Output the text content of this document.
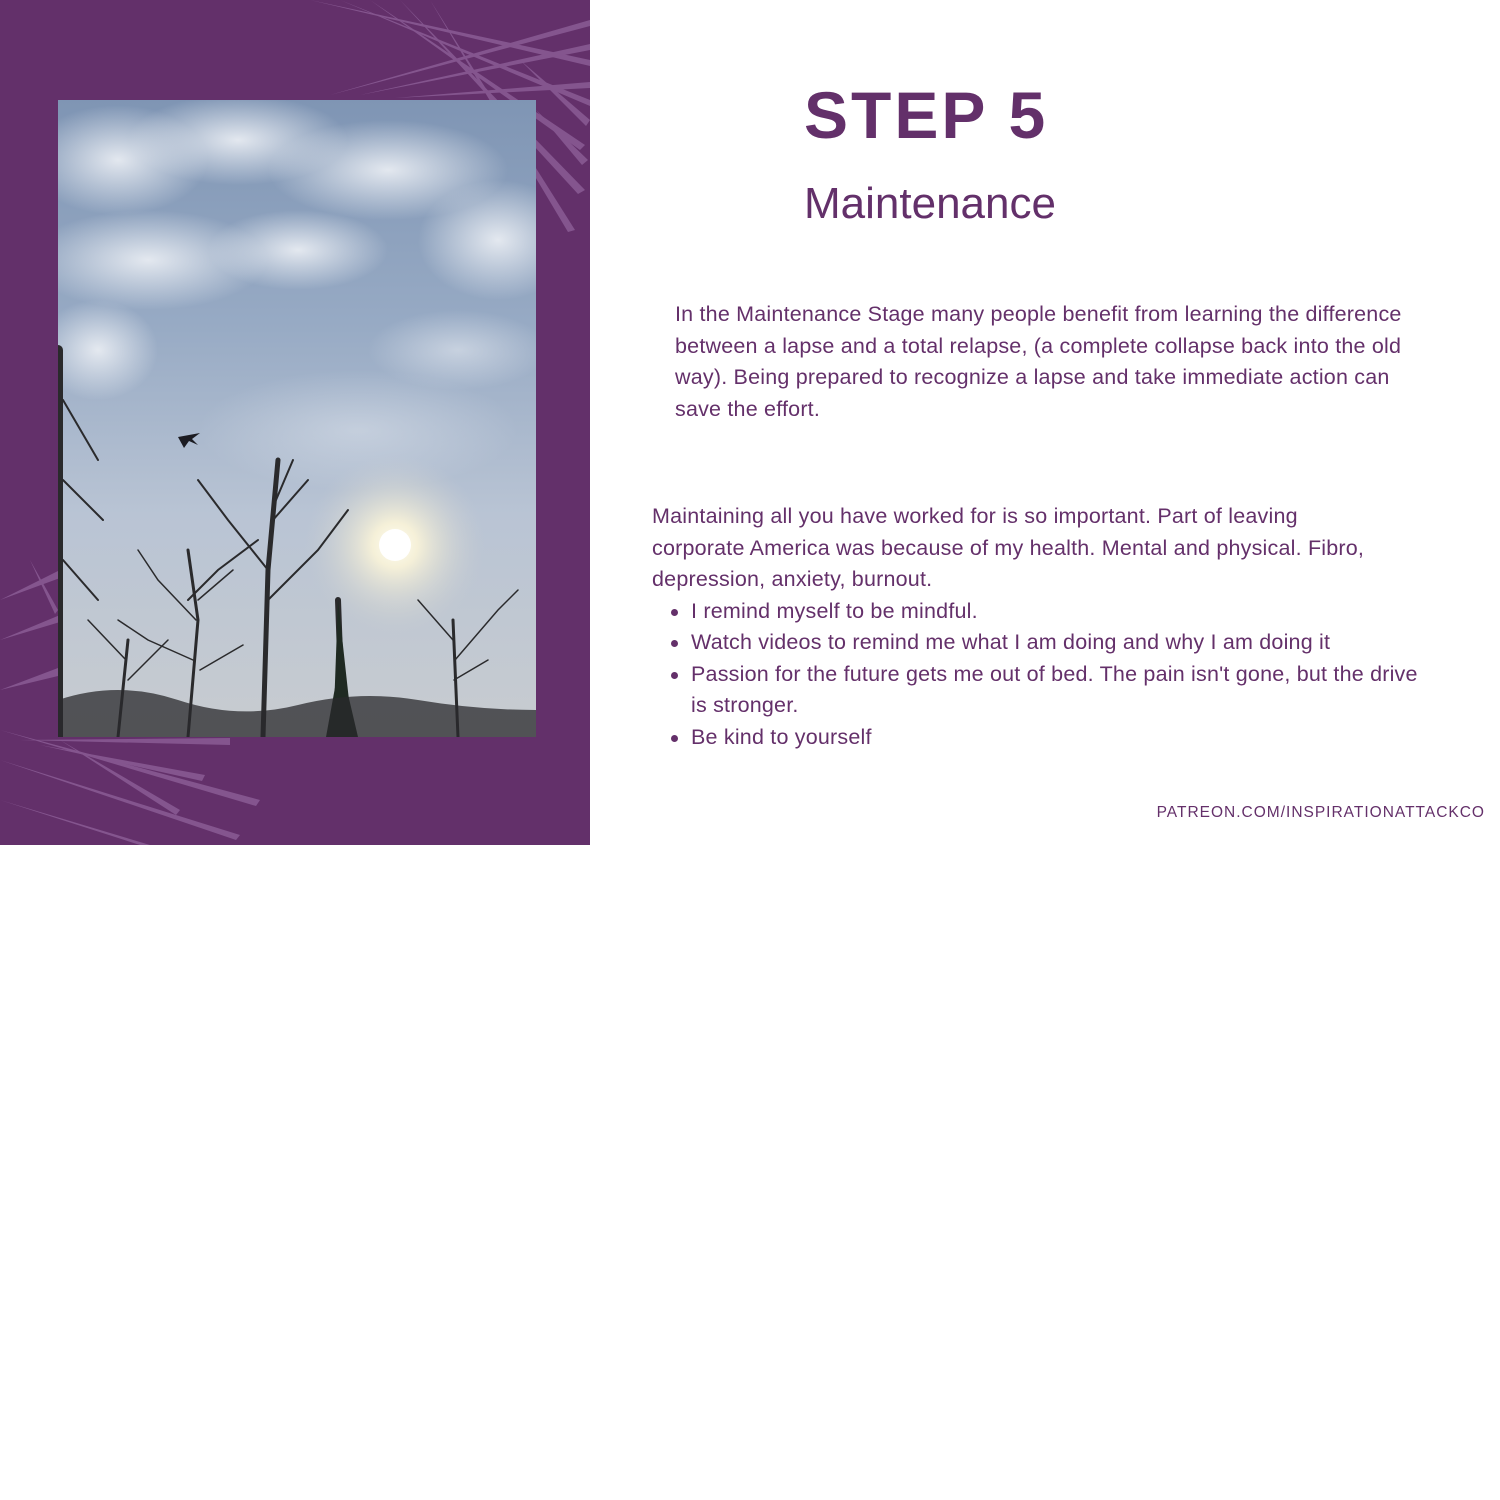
STEP 5
Maintenance

In the Maintenance Stage many people benefit from learning the difference between a lapse and a total relapse, (a complete collapse back into the old way). Being prepared to recognize a lapse and take immediate action can save the effort.

Maintaining all you have worked for is so important. Part of leaving corporate America was because of my health. Mental and physical. Fibro, depression, anxiety, burnout.

I remind myself to be mindful.
Watch videos to remind me what I am doing and why I am doing it
Passion for the future gets me out of bed. The pain isn't gone, but the drive is stronger.
Be kind to yourself

PATREON.COM/INSPIRATIONATTACKCO
